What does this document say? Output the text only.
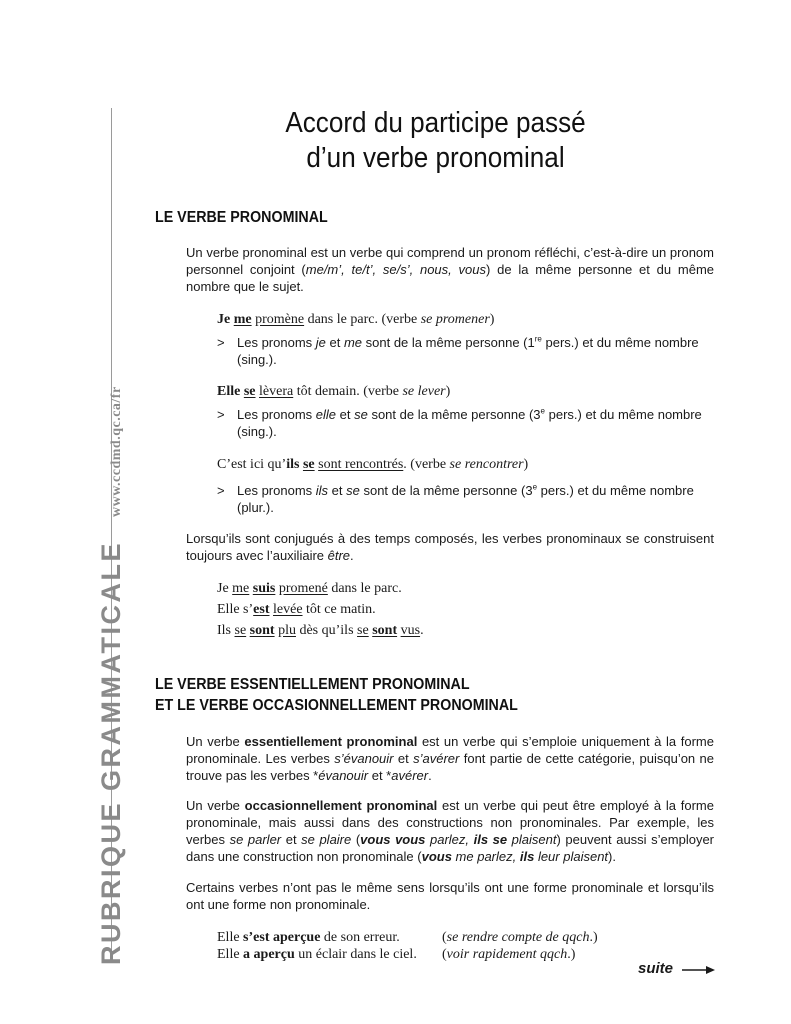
RUBRIQUE GRAMMATICALEwww.ccdmd.qc.ca/fr
Accord du participe passé
d’un verbe pronominal
LE VERBE PRONOMINAL
Un verbe pronominal est un verbe qui comprend un pronom réfléchi, c’est-à-dire un pronom personnel conjoint (me/m’, te/t’, se/s’, nous, vous) de la même personne et du même nombre que le sujet.
Je me promène dans le parc. (verbe se promener)
> Les pronoms je et me sont de la même personne (1re pers.) et du même nombre (sing.).
Elle se lèvera tôt demain. (verbe se lever)
> Les pronoms elle et se sont de la même personne (3e pers.) et du même nombre (sing.).
C’est ici qu’ils se sont rencontrés. (verbe se rencontrer)
> Les pronoms ils et se sont de la même personne (3e pers.) et du même nombre (plur.).
Lorsqu’ils sont conjugués à des temps composés, les verbes pronominaux se construisent toujours avec l’auxiliaire être.
Je me suis promené dans le parc.
Elle s’est levée tôt ce matin.
Ils se sont plu dès qu’ils se sont vus.
LE VERBE ESSENTIELLEMENT PRONOMINAL
ET LE VERBE OCCASIONNELLEMENT PRONOMINAL
Un verbe essentiellement pronominal est un verbe qui s’emploie uniquement à la forme pronominale. Les verbes s’évanouir et s’avérer font partie de cette catégorie, puisqu’on ne trouve pas les verbes *évanouir et *avérer.
Un verbe occasionnellement pronominal est un verbe qui peut être employé à la forme pronominale, mais aussi dans des constructions non pronominales. Par exemple, les verbes se parler et se plaire (vous vous parlez, ils se plaisent) peuvent aussi s’employer dans une construction non pronominale (vous me parlez, ils leur plaisent).
Certains verbes n’ont pas le même sens lorsqu’ils ont une forme pronominale et lorsqu’ils ont une forme non pronominale.
Elle s’est aperçue de son erreur.	(se rendre compte de qqch.)
Elle a aperçu un éclair dans le ciel. (voir rapidement qqch.)
suite
